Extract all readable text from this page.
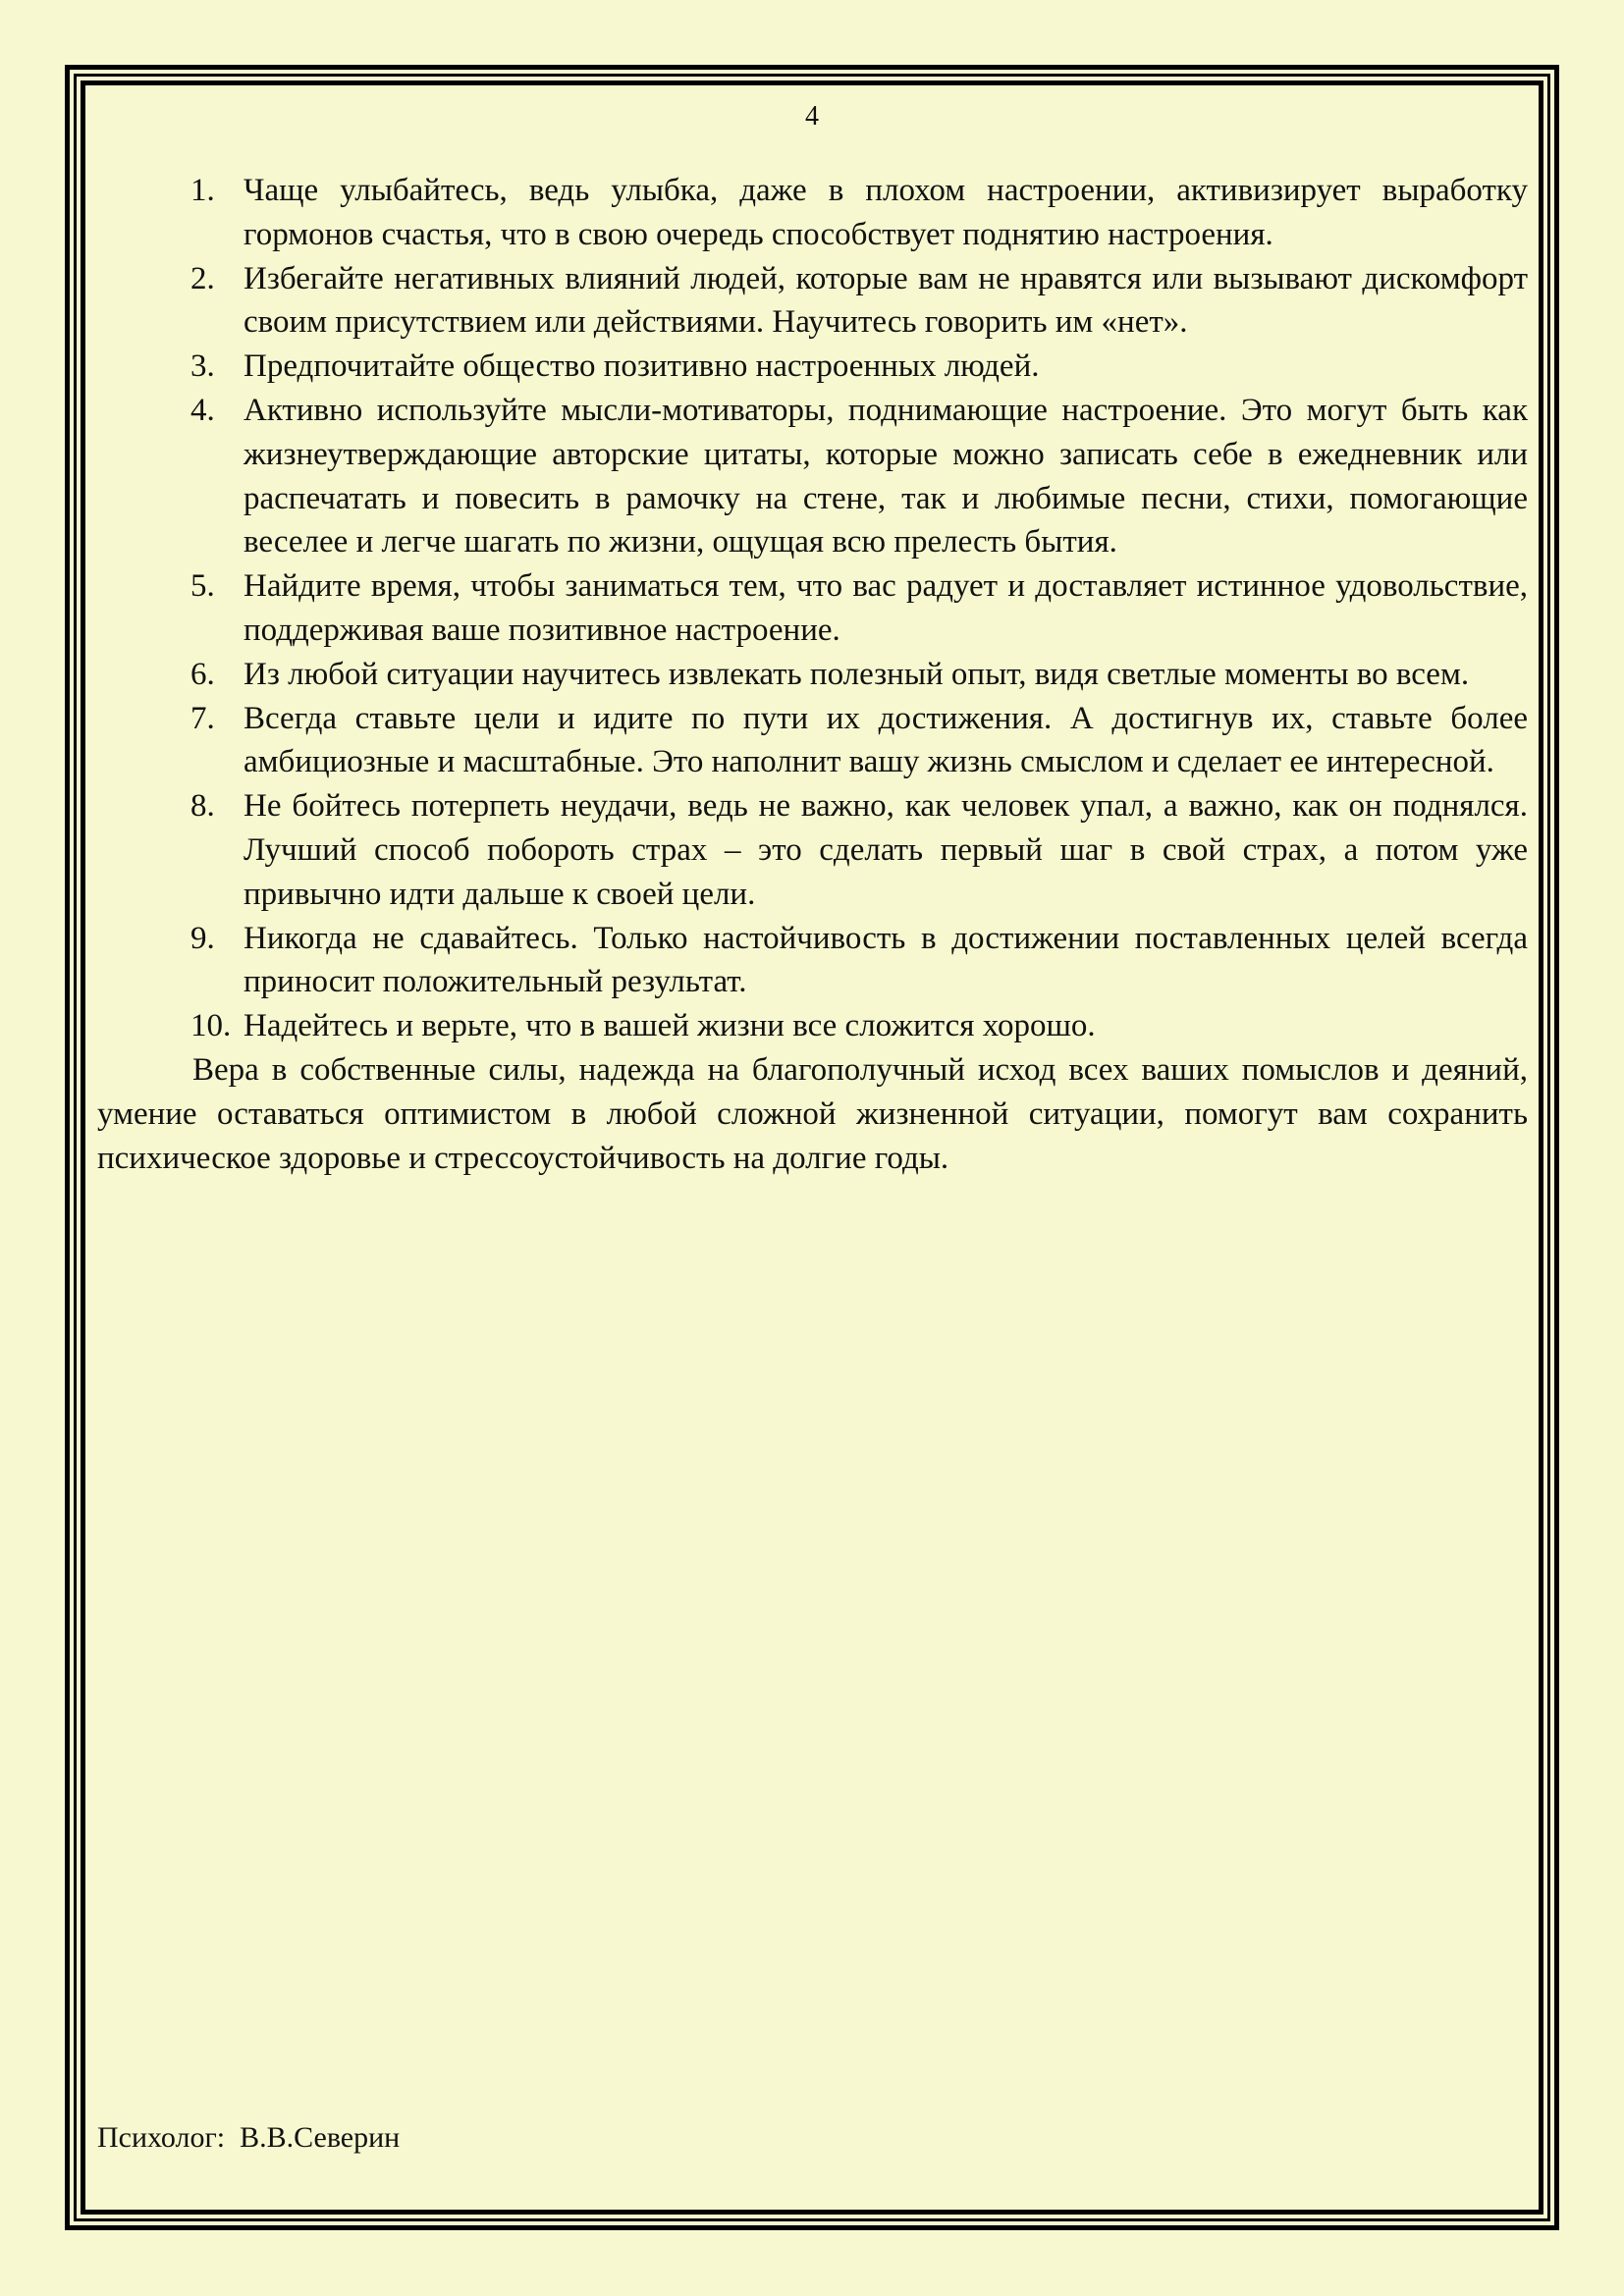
4
1. Чаще улыбайтесь, ведь улыбка, даже в плохом настроении, активизирует выработку гормонов счастья, что в свою очередь способствует поднятию настроения.
2. Избегайте негативных влияний людей, которые вам не нравятся или вызывают дискомфорт своим присутствием или действиями. Научитесь говорить им «нет».
3. Предпочитайте общество позитивно настроенных людей.
4. Активно используйте мысли-мотиваторы, поднимающие настроение. Это могут быть как жизнеутверждающие авторские цитаты, которые можно записать себе в ежедневник или распечатать и повесить в рамочку на стене, так и любимые песни, стихи, помогающие веселее и легче шагать по жизни, ощущая всю прелесть бытия.
5. Найдите время, чтобы заниматься тем, что вас радует и доставляет истинное удовольствие, поддерживая ваше позитивное настроение.
6. Из любой ситуации научитесь извлекать полезный опыт, видя светлые моменты во всем.
7. Всегда ставьте цели и идите по пути их достижения. А достигнув их, ставьте более амбициозные и масштабные. Это наполнит вашу жизнь смыслом и сделает ее интересной.
8. Не бойтесь потерпеть неудачи, ведь не важно, как человек упал, а важно, как он поднялся. Лучший способ побороть страх – это сделать первый шаг в свой страх, а потом уже привычно идти дальше к своей цели.
9. Никогда не сдавайтесь. Только настойчивость в достижении поставленных целей всегда приносит положительный результат.
10. Надейтесь и верьте, что в вашей жизни все сложится хорошо.

Вера в собственные силы, надежда на благополучный исход всех ваших помыслов и деяний, умение оставаться оптимистом в любой сложной жизненной ситуации, помогут вам сохранить психическое здоровье и стрессоустойчивость на долгие годы.

Психолог:  В.В.Северин
